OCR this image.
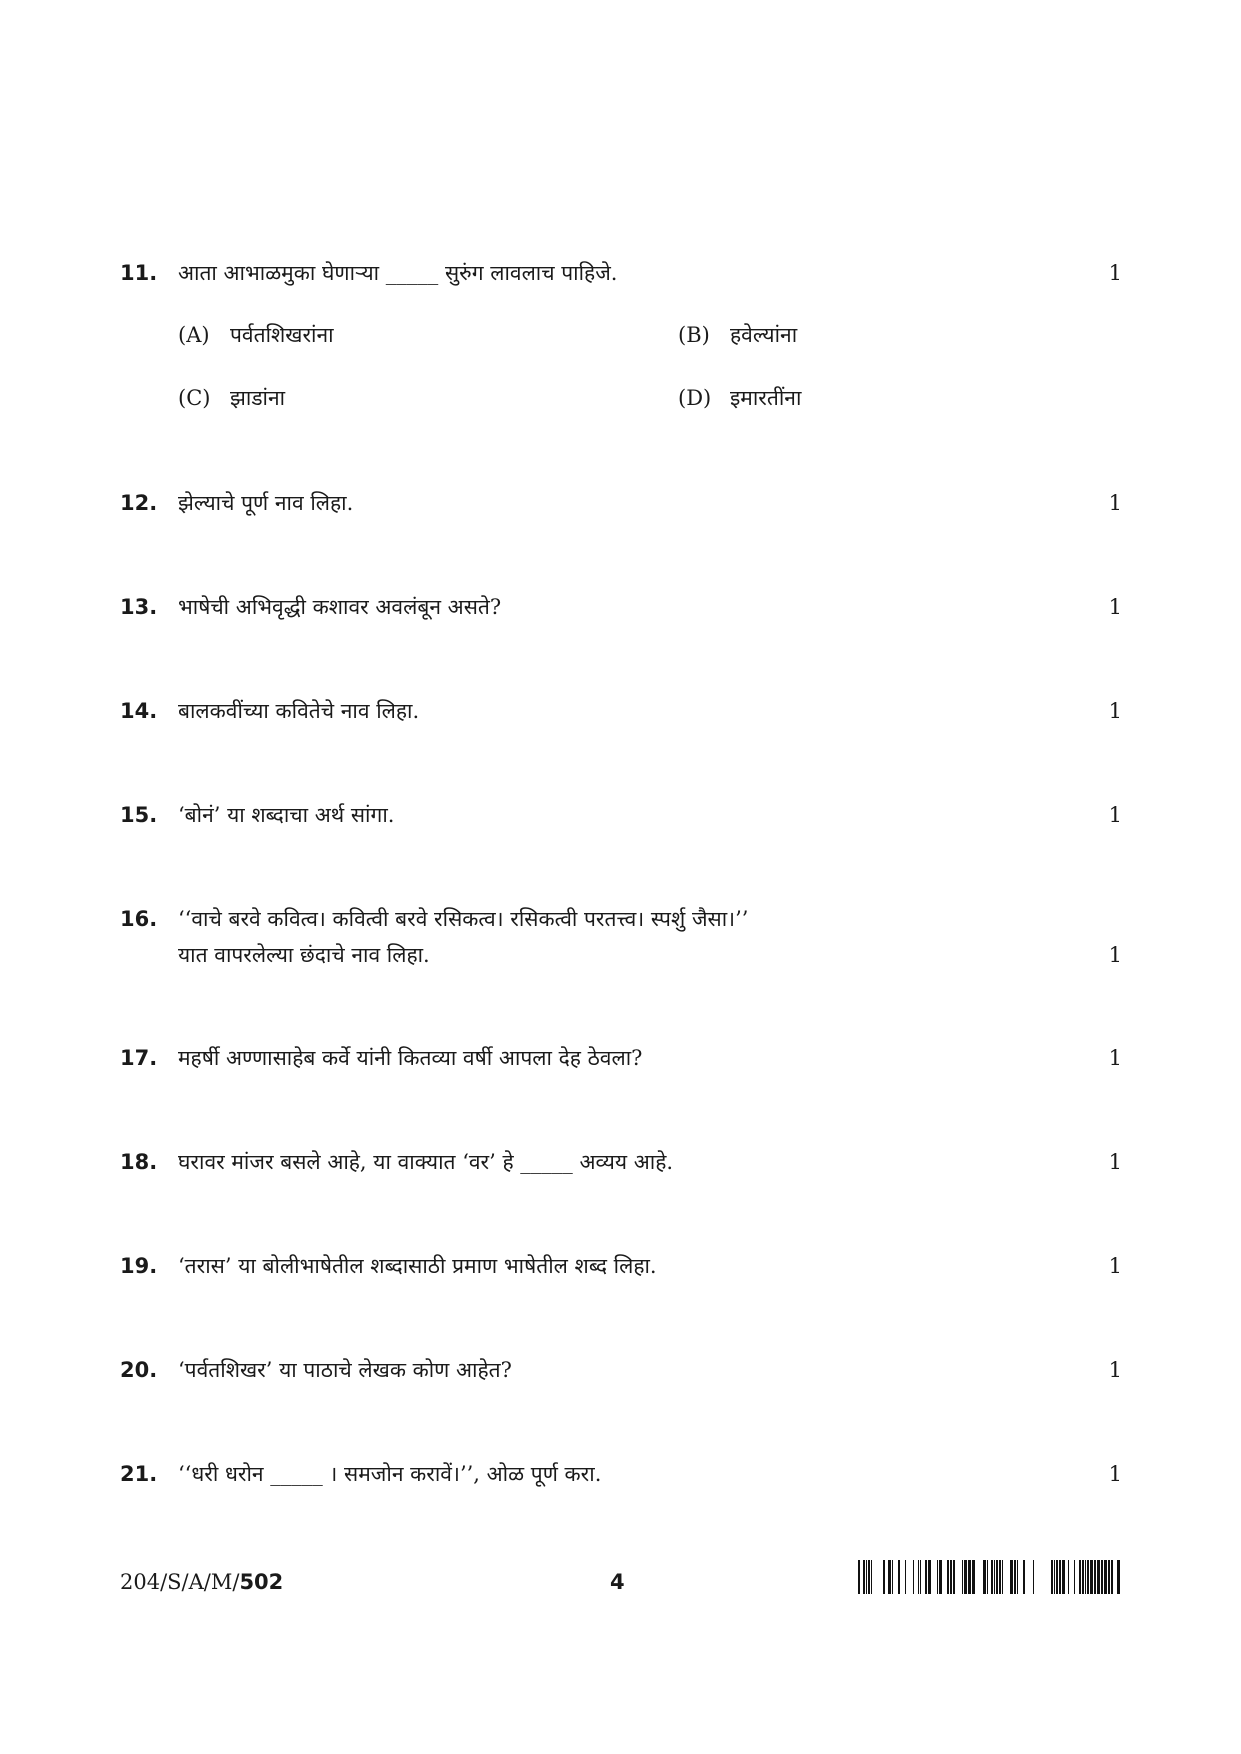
11. आता आभाळमुका घेणाऱ्या _____ सुरुंग लावलाच पाहिजे.	1
(A) पर्वतशिखरांना	(B) हवेल्यांना
(C) झाडांना	(D) इमारतींना
12. झेल्याचे पूर्ण नाव लिहा.	1
13. भाषेची अभिवृद्धी कशावर अवलंबून असते?	1
14. बालकवींच्या कवितेचे नाव लिहा.	1
15. ‘बोनं’ या शब्दाचा अर्थ सांगा.	1
16. ‘‘वाचे बरवे कवित्व। कवित्वी बरवे रसिकत्व। रसिकत्वी परतत्त्व। स्पर्शु जैसा।’’
यात वापरलेल्या छंदाचे नाव लिहा.	1
17. महर्षी अण्णासाहेब कर्वे यांनी कितव्या वर्षी आपला देह ठेवला?	1
18. घरावर मांजर बसले आहे, या वाक्यात ‘वर’ हे _____ अव्यय आहे.	1
19. ‘तरास’ या बोलीभाषेतील शब्दासाठी प्रमाण भाषेतील शब्द लिहा.	1
20. ‘पर्वतशिखर’ या पाठाचे लेखक कोण आहेत?	1
21. ‘‘धरी धरोन _____ । समजोन करावें।’’, ओळ पूर्ण करा.	1
204/S/A/M/502	4
